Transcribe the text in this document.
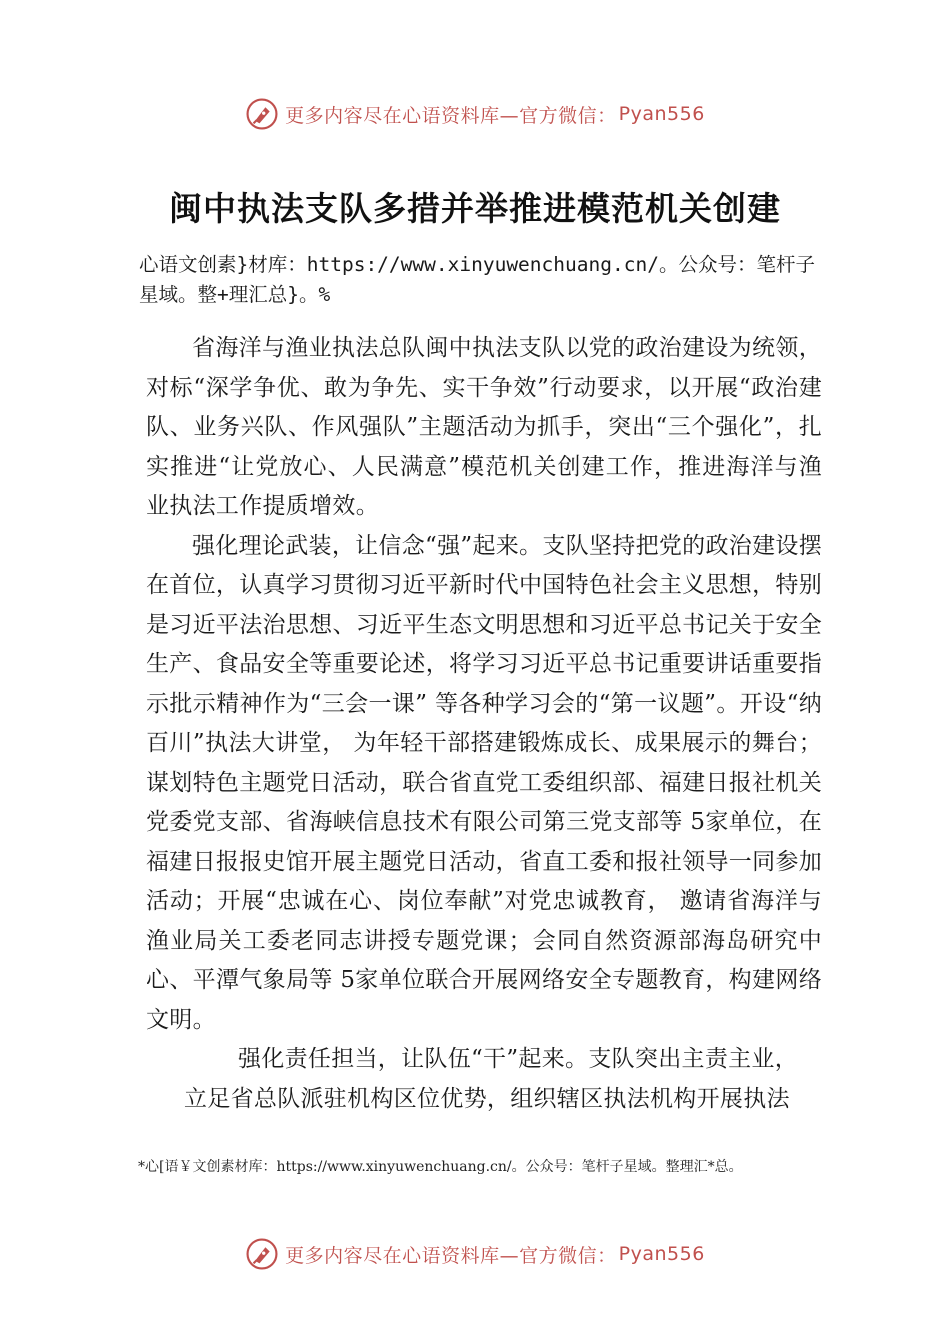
更多内容尽在心语资料库—官方微信： Pyan556
闽中执法支队多措并举推进模范机关创建
心语文创素}材库：https://www.xinyuwenchuang.cn/。公众号：笔杆子星域。整+理汇总}。%

省海洋与渔业执法总队闽中执法支队以党的政治建设为统领，对标“深学争优、敢为争先、实干争效”行动要求，以开展“政治建队、业务兴队、作风强队”主题活动为抓手，突出“三个强化”，扎实推进“让党放心、人民满意”模范机关创建工作，推进海洋与渔业执法工作提质增效。

强化理论武装，让信念“强”起来。支队坚持把党的政治建设摆在首位，认真学习贯彻习近平新时代中国特色社会主义思想，特别是习近平法治思想、习近平生态文明思想和习近平总书记关于安全生产、食品安全等重要论述，将学习习近平总书记重要讲话重要指示批示精神作为“三会一课” 等各种学习会的“第一议题”。开设“纳百川”执法大讲堂， 为年轻干部搭建锻炼成长、成果展示的舞台；谋划特色主题党日活动，联合省直党工委组织部、福建日报社机关党委党支部、省海峡信息技术有限公司第三党支部等 5家单位，在福建日报报史馆开展主题党日活动，省直工委和报社领导一同参加活动；开展“忠诚在心、岗位奉献”对党忠诚教育， 邀请省海洋与渔业局关工委老同志讲授专题党课；会同自然资源部海岛研究中心、平潭气象局等 5家单位联合开展网络安全专题教育，构建网络文明。

强化责任担当，让队伍“干”起来。支队突出主责主业，

立足省总队派驻机构区位优势，组织辖区执法机构开展执法

*心[语￥文创素材库：https://www.xinyuwenchuang.cn/。公众号：笔杆子星域。整理汇*总。
更多内容尽在心语资料库—官方微信： Pyan556
